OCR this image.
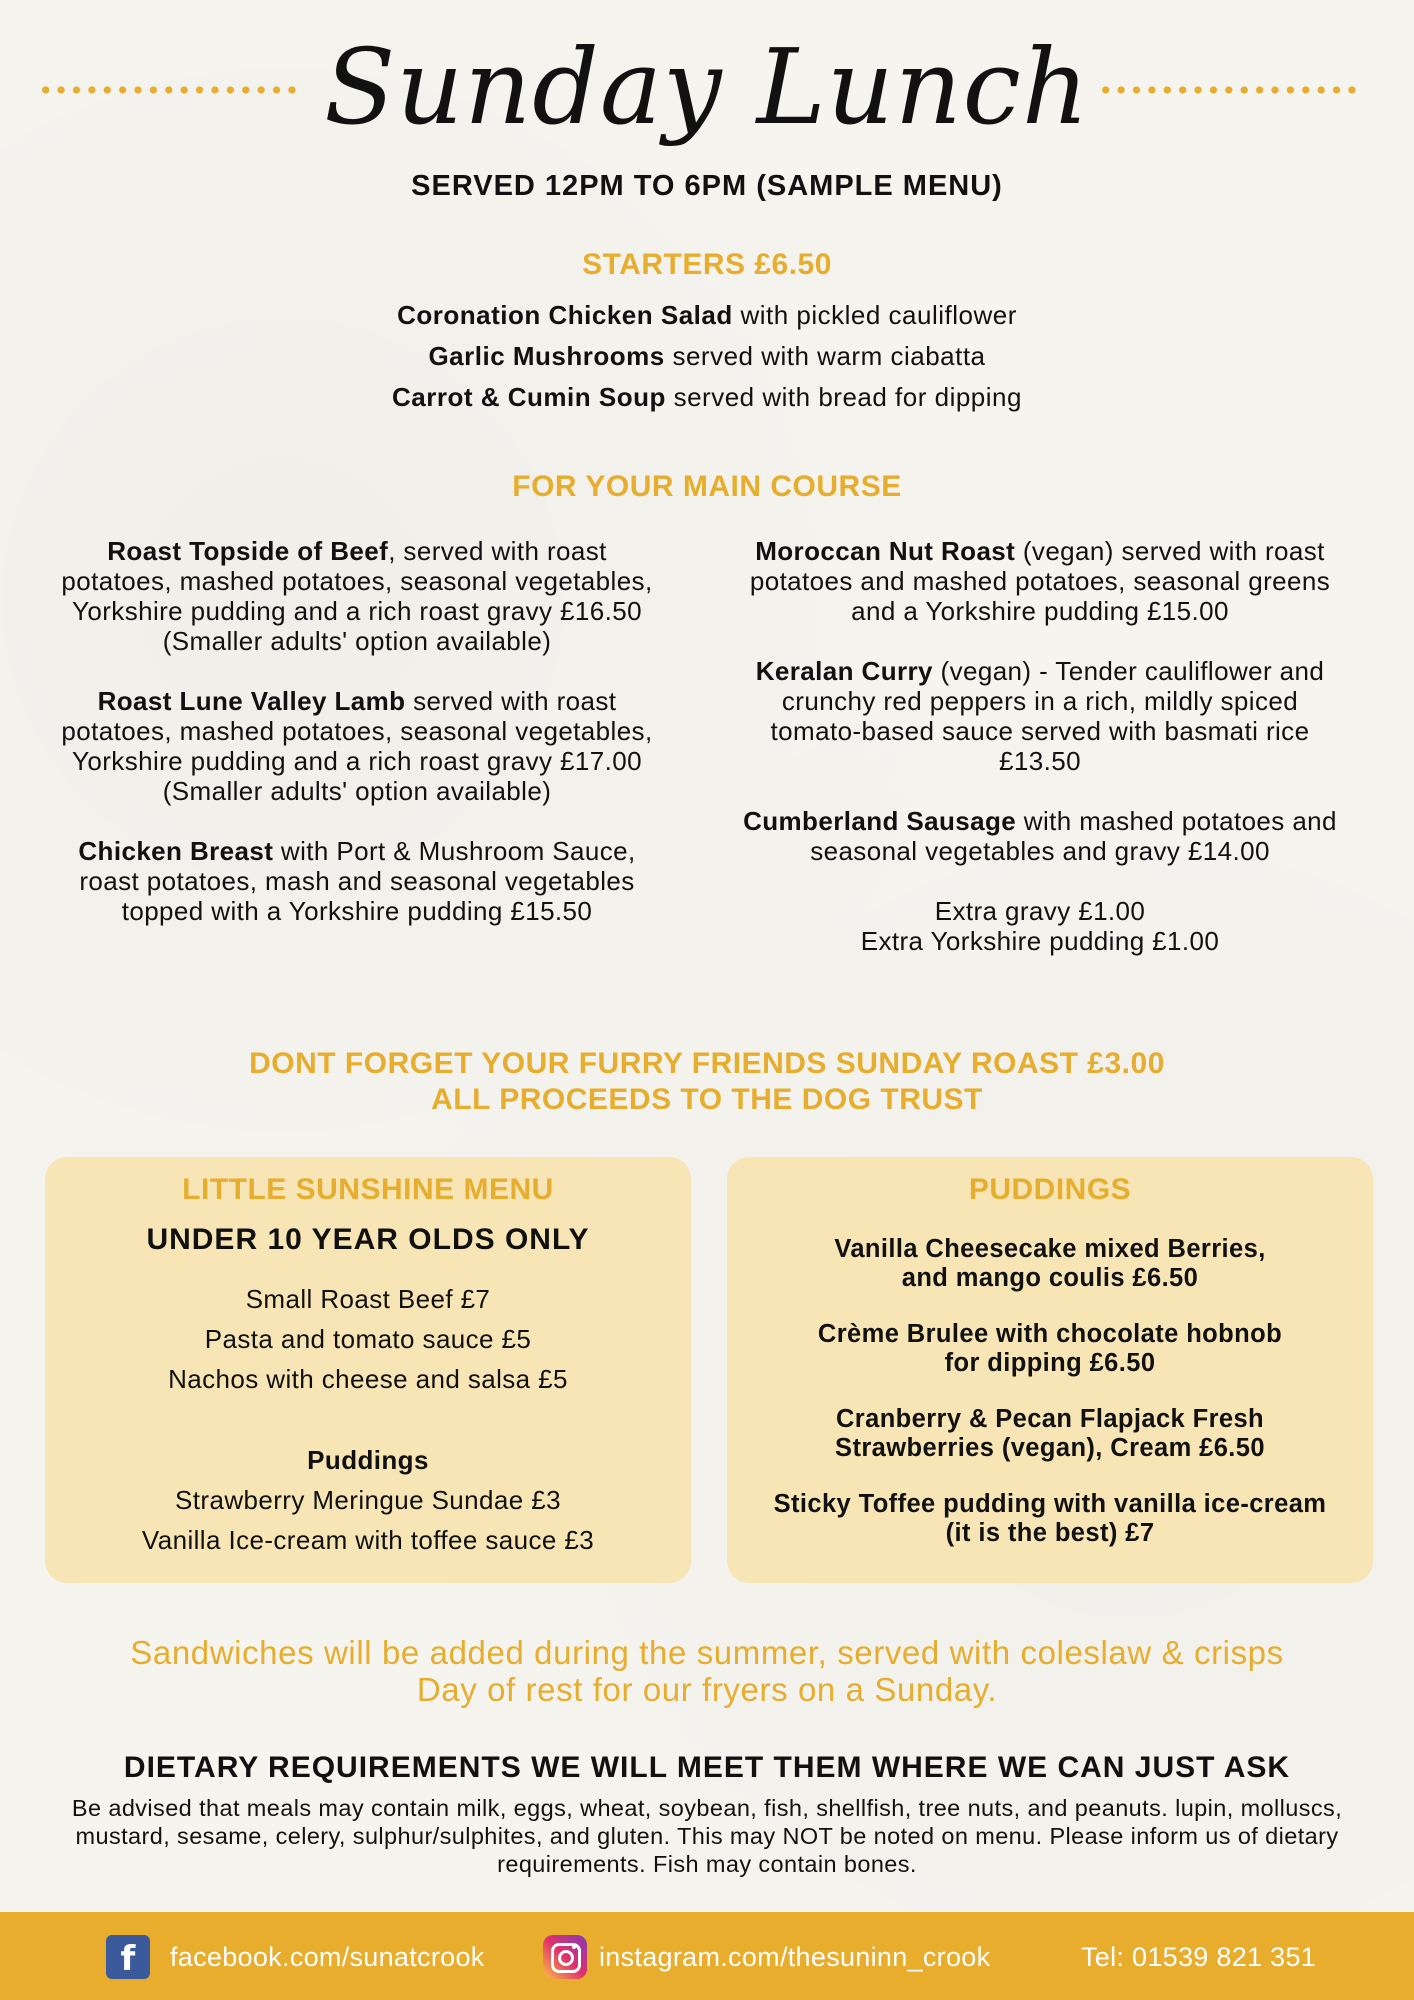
Sunday Lunch
SERVED 12PM TO 6PM (SAMPLE MENU)
STARTERS £6.50
Coronation Chicken Salad with pickled cauliflower
Garlic Mushrooms served with warm ciabatta
Carrot & Cumin Soup served with bread for dipping
FOR YOUR MAIN COURSE

Roast Topside of Beef, served with roast potatoes, mashed potatoes, seasonal vegetables, Yorkshire pudding and a rich roast gravy £16.50
(Smaller adults' option available)

Roast Lune Valley Lamb served with roast potatoes, mashed potatoes, seasonal vegetables, Yorkshire pudding and a rich roast gravy £17.00
(Smaller adults' option available)

Chicken Breast with Port & Mushroom Sauce, roast potatoes, mash and seasonal vegetables topped with a Yorkshire pudding £15.50

Moroccan Nut Roast (vegan) served with roast potatoes and mashed potatoes, seasonal greens and a Yorkshire pudding £15.00

Keralan Curry (vegan) - Tender cauliflower and crunchy red peppers in a rich, mildly spiced tomato-based sauce served with basmati rice £13.50

Cumberland Sausage with mashed potatoes and seasonal vegetables and gravy £14.00

Extra gravy £1.00
Extra Yorkshire pudding £1.00

DONT FORGET YOUR FURRY FRIENDS SUNDAY ROAST £3.00
ALL PROCEEDS TO THE DOG TRUST
LITTLE SUNSHINE MENU
UNDER 10 YEAR OLDS ONLY
Small Roast Beef £7
Pasta and tomato sauce £5
Nachos with cheese and salsa £5
Puddings
Strawberry Meringue Sundae £3
Vanilla Ice-cream with toffee sauce £3
PUDDINGS

Vanilla Cheesecake mixed Berries,
and mango coulis £6.50

Crème Brulee with chocolate hobnob
for dipping £6.50

Cranberry & Pecan Flapjack Fresh
Strawberries (vegan), Cream £6.50

Sticky Toffee pudding with vanilla ice-cream
(it is the best) £7

Sandwiches will be added during the summer, served with coleslaw & crisps
Day of rest for our fryers on a Sunday.
DIETARY REQUIREMENTS WE WILL MEET THEM WHERE WE CAN JUST ASK
Be advised that meals may contain milk, eggs, wheat, soybean, fish, shellfish, tree nuts, and peanuts. lupin, molluscs, mustard, sesame, celery, sulphur/sulphites, and gluten. This may NOT be noted on menu. Please inform us of dietary requirements. Fish may contain bones.
f	facebook.com/sunatcrook	instagram.com/thesuninn_crook	Tel: 01539 821 351
